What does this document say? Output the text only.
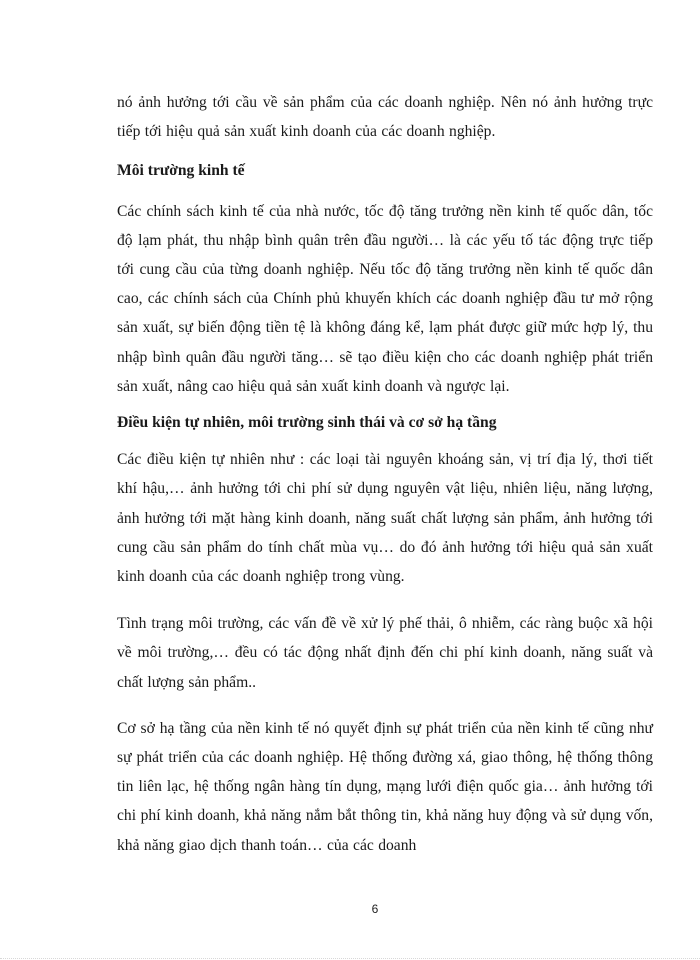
nó ảnh hưởng tới cầu về sản phẩm của các doanh nghiệp. Nên nó ảnh hưởng trực tiếp tới hiệu quả sản xuất kinh doanh của các doanh nghiệp.

Môi trường kinh tế

Các chính sách kinh tế của nhà nước, tốc độ tăng trưởng nền kinh tế quốc dân, tốc độ lạm phát, thu nhập bình quân trên đầu người… là các yếu tố tác động trực tiếp tới cung cầu của từng doanh nghiệp. Nếu tốc độ tăng trưởng nền kinh tế quốc dân cao, các chính sách của Chính phủ khuyến khích các doanh nghiệp đầu tư mở rộng sản xuất, sự biến động tiền tệ là không đáng kể, lạm phát được giữ mức hợp lý, thu nhập bình quân đầu người tăng… sẽ tạo điều kiện cho các doanh nghiệp phát triển sản xuất, nâng cao hiệu quả sản xuất kinh doanh và ngược lại.

Điều kiện tự nhiên, môi trường sinh thái và cơ sở hạ tầng

Các điều kiện tự nhiên như : các loại tài nguyên khoáng sản, vị trí địa lý, thơi tiết khí hậu,… ảnh hưởng tới chi phí sử dụng nguyên vật liệu, nhiên liệu, năng lượng, ảnh hưởng tới mặt hàng kinh doanh, năng suất chất lượng sản phẩm, ảnh hưởng tới cung cầu sản phẩm do tính chất mùa vụ… do đó ảnh hưởng tới hiệu quả sản xuất kinh doanh của các doanh nghiệp trong vùng.

Tình trạng môi trường, các vấn đề về xử lý phế thải, ô nhiễm, các ràng buộc xã hội về môi trường,… đều có tác động nhất định đến chi phí kinh doanh, năng suất và chất lượng sản phẩm..

Cơ sở hạ tầng của nền kinh tế nó quyết định sự phát triển của nền kinh tế cũng như sự phát triển của các doanh nghiệp. Hệ thống đường xá, giao thông, hệ thống thông tin liên lạc, hệ thống ngân hàng tín dụng, mạng lưới điện quốc gia… ảnh hưởng tới chi phí kinh doanh, khả năng nắm bắt thông tin, khả năng huy động và sử dụng vốn, khả năng giao dịch thanh toán… của các doanh

6
